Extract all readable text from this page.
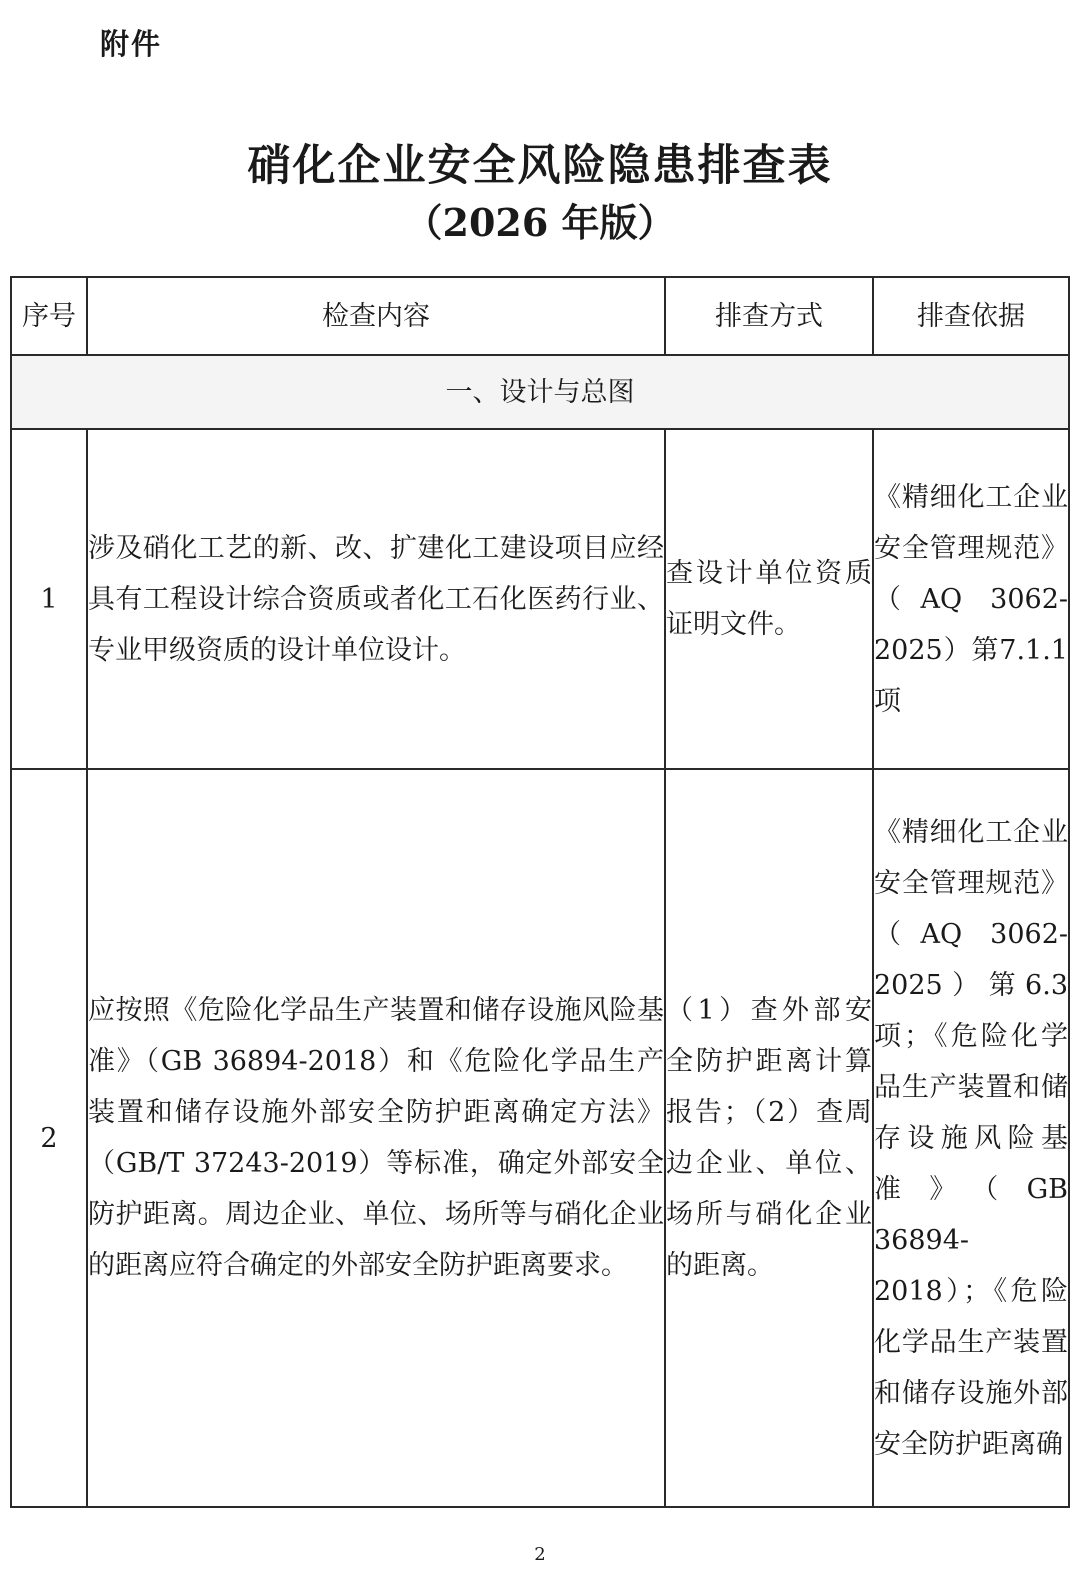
附件
硝化企业安全风险隐患排查表
（2026 年版）
序号	检查内容	排查方式	排查依据
一、设计与总图			
1	涉及硝化工艺的新、改、扩建化工建设项目应经具有工程设计综合资质或者化工石化医药行业、专业甲级资质的设计单位设计。	查设计单位资质证明文件。	《精细化工企业安全管理规范》（AQ 3062-2025）第7.1.1项
2	应按照《危险化学品生产装置和储存设施风险基准》（GB 36894-2018）和《危险化学品生产装置和储存设施外部安全防护距离确定方法》（GB/T 37243-2019）等标准，确定外部安全防护距离。周边企业、单位、场所等与硝化企业的距离应符合确定的外部安全防护距离要求。	（1）查外部安全防护距离计算报告；（2）查周边企业、单位、场所与硝化企业的距离。	《精细化工企业安全管理规范》（AQ 3062-2025）第6.3项；《危险化学品生产装置和储存设施风险基准》（GB 36894-2018）；《危险化学品生产装置和储存设施外部安全防护距离确
2
